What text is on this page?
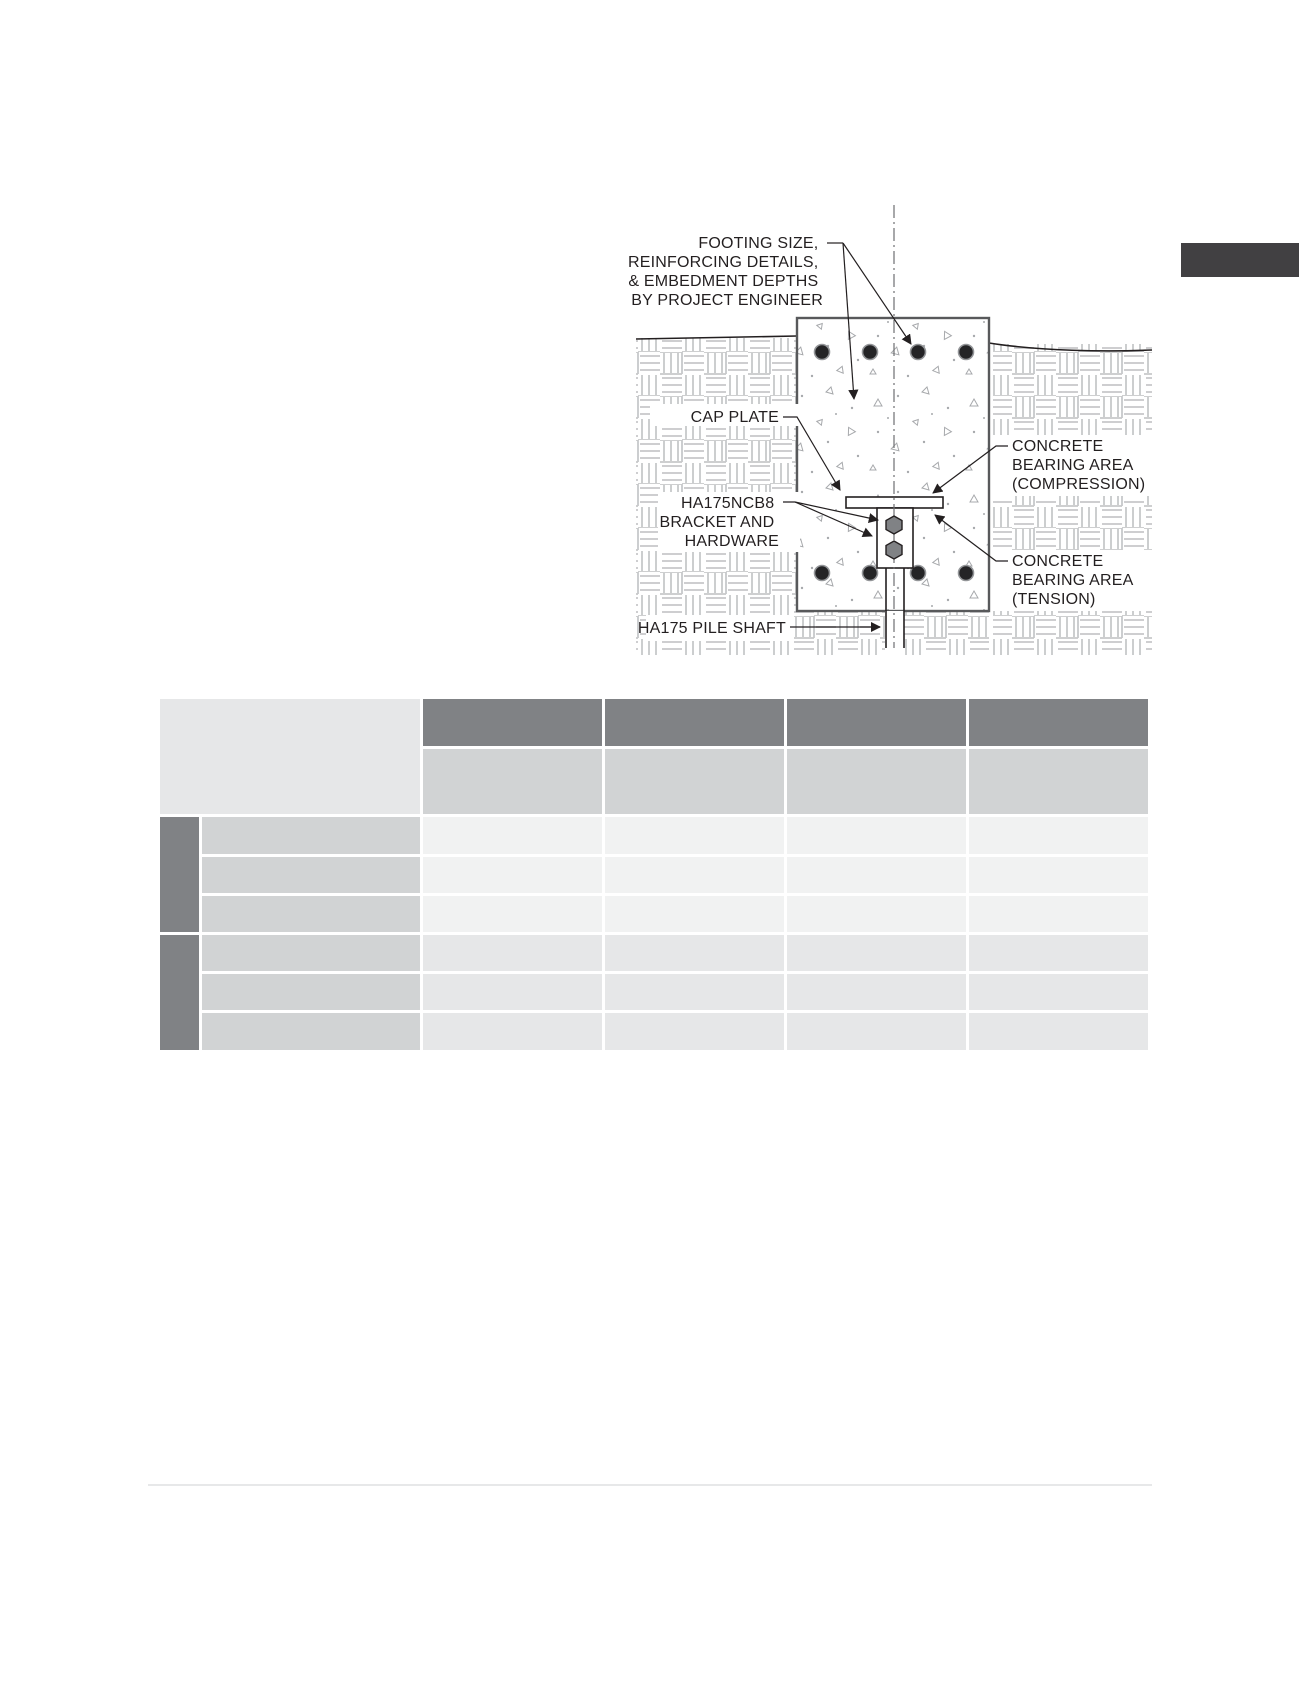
FOOTING SIZE, REINFORCING DETAILS, & EMBEDMENT DEPTHS BY PROJECT ENGINEER
CAP PLATE
HA175NCB8 BRACKET AND HARDWARE
CONCRETE BEARING AREA (COMPRESSION)
CONCRETE BEARING AREA (TENSION)
HA175 PILE SHAFT
